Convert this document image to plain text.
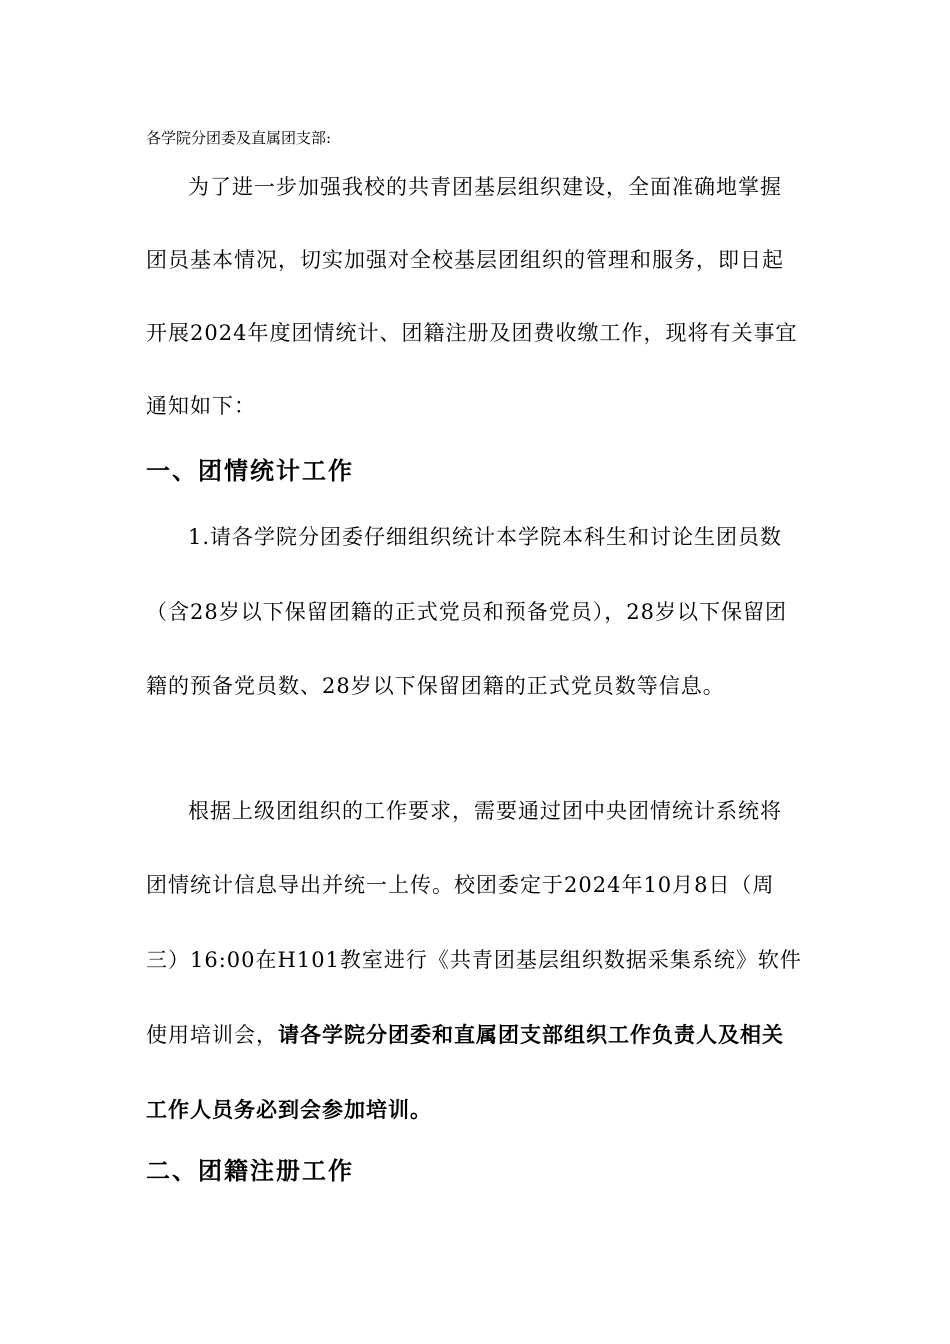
各学院分团委及直属团支部:
为了进一步加强我校的共青团基层组织建设，全面准确地掌握
团员基本情况，切实加强对全校基层团组织的管理和服务，即日起
开展2024年度团情统计、团籍注册及团费收缴工作，现将有关事宜
通知如下：
一、团情统计工作
1.请各学院分团委仔细组织统计本学院本科生和讨论生团员数
（含28岁以下保留团籍的正式党员和预备党员），28岁以下保留团
籍的预备党员数、28岁以下保留团籍的正式党员数等信息。
根据上级团组织的工作要求，需要通过团中央团情统计系统将
团情统计信息导出并统一上传。校团委定于2024年10月8日（周
三）16:00在H101教室进行《共青团基层组织数据采集系统》软件
使用培训会，请各学院分团委和直属团支部组织工作负责人及相关
工作人员务必到会参加培训。
二、团籍注册工作
